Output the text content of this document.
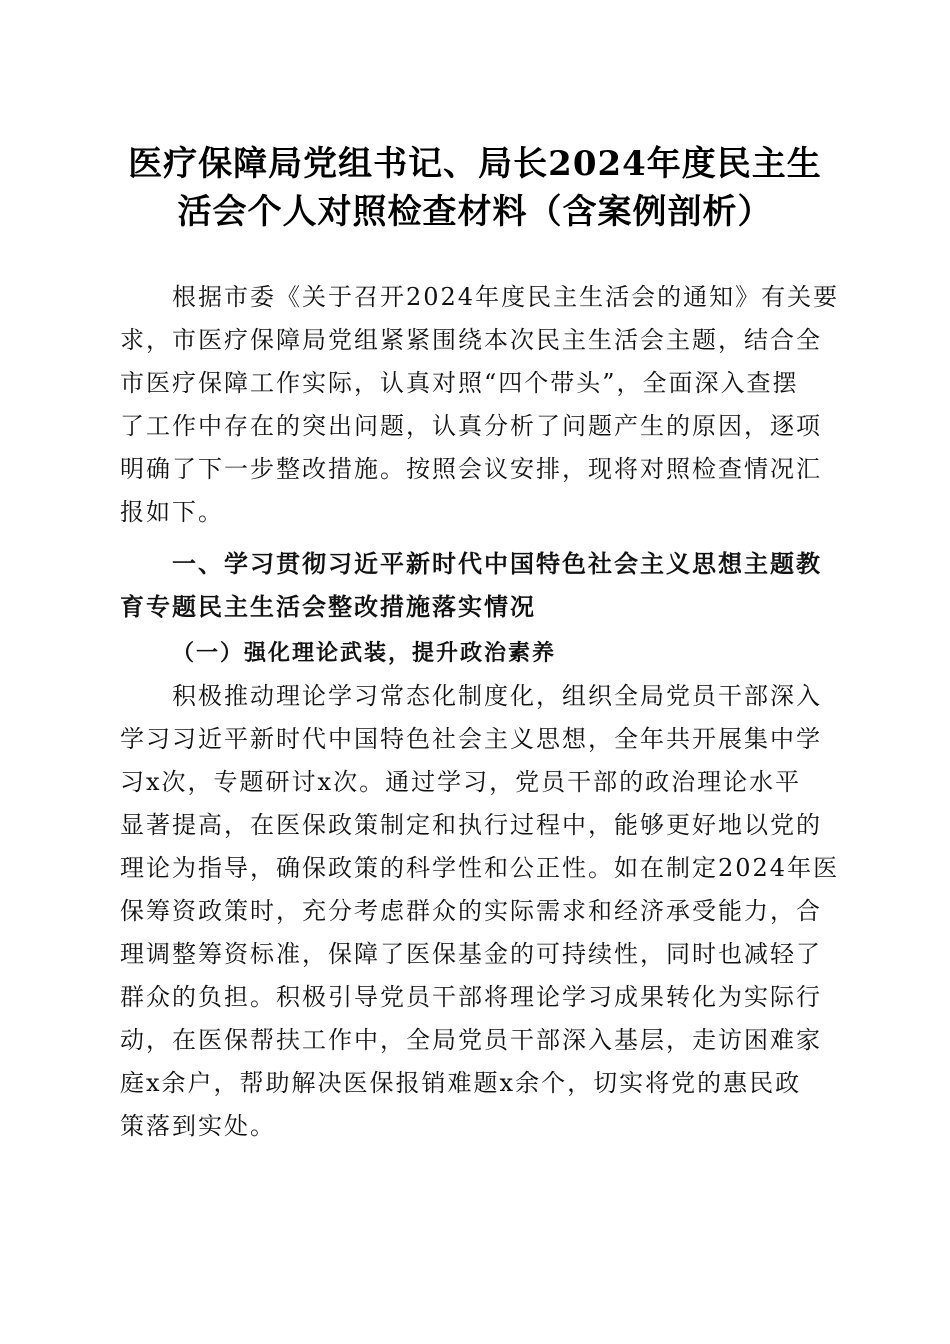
医疗保障局党组书记、局长2024年度民主生
活会个人对照检查材料（含案例剖析）
根据市委《关于召开2024年度民主生活会的通知》有关要
求，市医疗保障局党组紧紧围绕本次民主生活会主题，结合全
市医疗保障工作实际，认真对照“四个带头”，全面深入查摆
了工作中存在的突出问题，认真分析了问题产生的原因，逐项
明确了下一步整改措施。按照会议安排，现将对照检查情况汇
报如下。
一、学习贯彻习近平新时代中国特色社会主义思想主题教
育专题民主生活会整改措施落实情况
（一）强化理论武装，提升政治素养
积极推动理论学习常态化制度化，组织全局党员干部深入
学习习近平新时代中国特色社会主义思想，全年共开展集中学
习x次，专题研讨x次。通过学习，党员干部的政治理论水平
显著提高，在医保政策制定和执行过程中，能够更好地以党的
理论为指导，确保政策的科学性和公正性。如在制定2024年医
保筹资政策时，充分考虑群众的实际需求和经济承受能力，合
理调整筹资标准，保障了医保基金的可持续性，同时也减轻了
群众的负担。积极引导党员干部将理论学习成果转化为实际行
动，在医保帮扶工作中，全局党员干部深入基层，走访困难家
庭x余户，帮助解决医保报销难题x余个，切实将党的惠民政
策落到实处。
